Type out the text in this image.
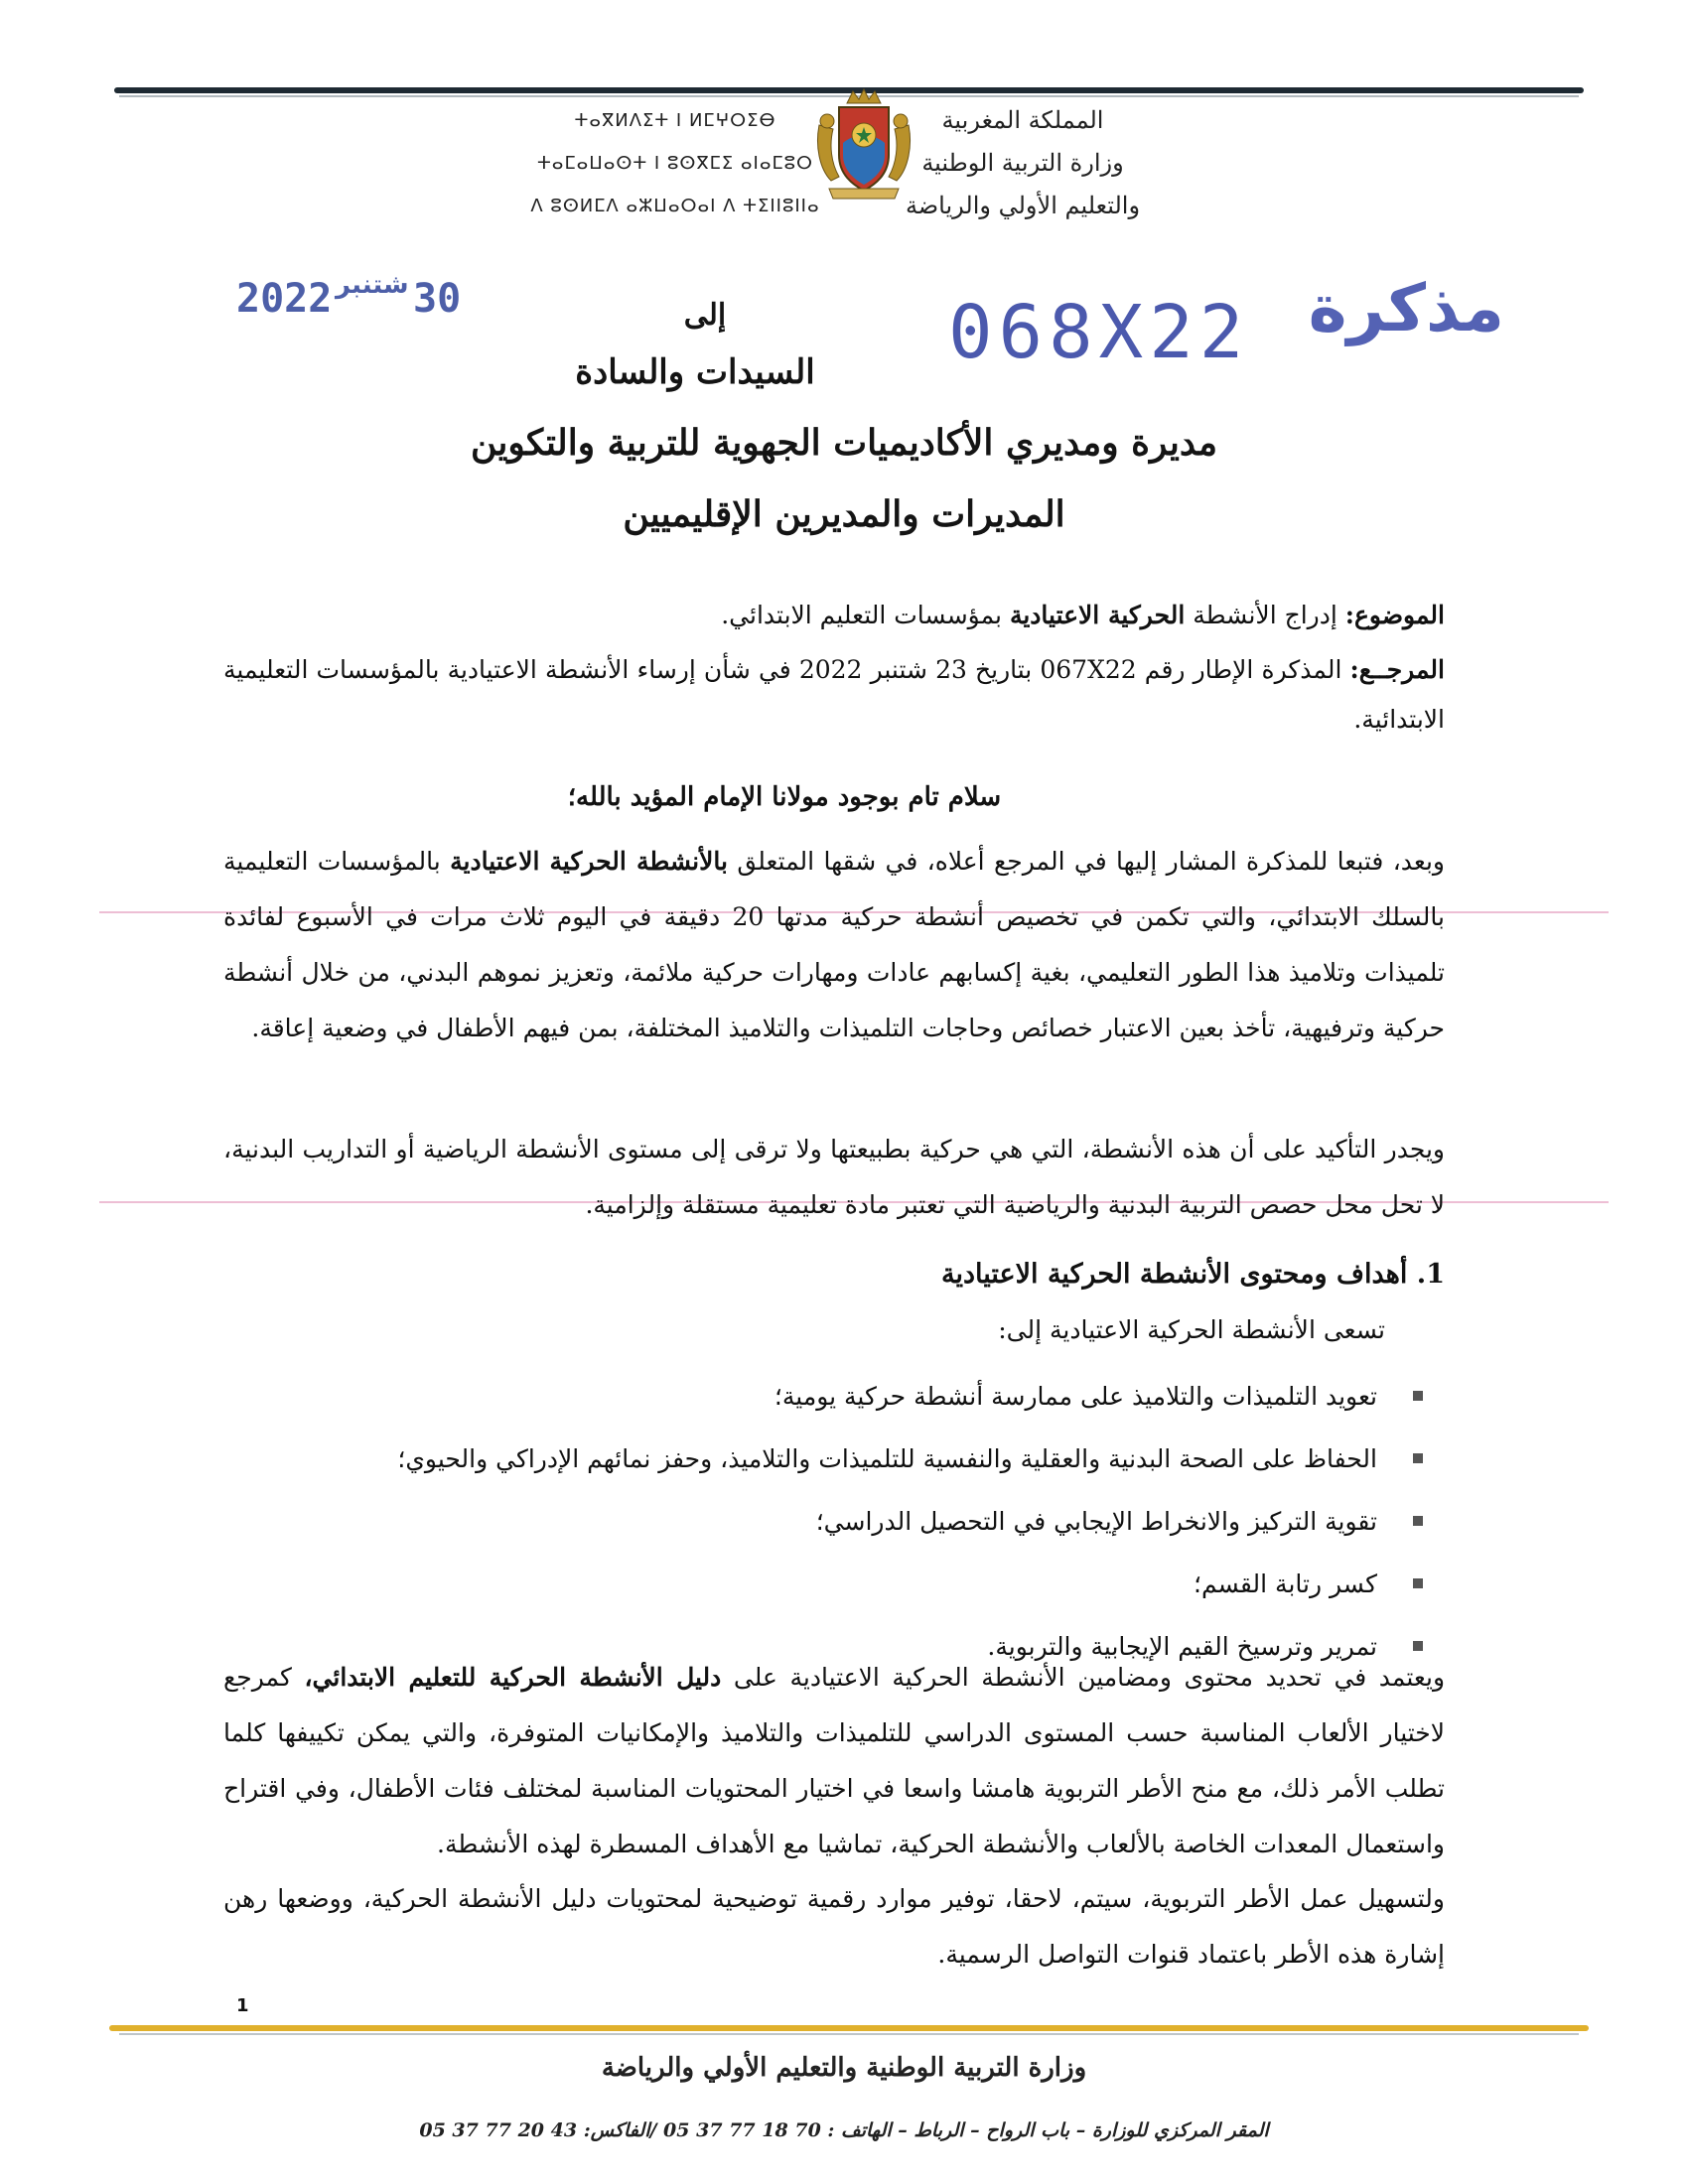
المملكة المغربية
وزارة التربية الوطنية
والتعليم الأولي والرياضة
ⵜⴰⴳⵍⴷⵉⵜ ⵏ ⵍⵎⵖⵔⵉⴱ
ⵜⴰⵎⴰⵡⴰⵙⵜ ⵏ ⵓⵙⴳⵎⵉ ⴰⵏⴰⵎⵓⵔ
ⴷ ⵓⵙⵍⵎⴷ ⴰⵣⵡⴰⵔⴰⵏ ⴷ ⵜⵉⵏⵏⵓⵏⵏⴰ
2022 شتنبر 30	068X22 مذكرة
إلى
السيدات والسادة
مديرة ومديري الأكاديميات الجهوية للتربية والتكوين
المديرات والمديرين الإقليميين
الموضوع: إدراج الأنشطة الحركية الاعتيادية بمؤسسات التعليم الابتدائي.
المرجــع: المذكرة الإطار رقم 067X22 بتاريخ 23 شتنبر 2022 في شأن إرساء الأنشطة الاعتيادية بالمؤسسات التعليمية الابتدائية.
سلام تام بوجود مولانا الإمام المؤيد بالله؛
وبعد، فتبعا للمذكرة المشار إليها في المرجع أعلاه، في شقها المتعلق بالأنشطة الحركية الاعتيادية بالمؤسسات التعليمية بالسلك الابتدائي، والتي تكمن في تخصيص أنشطة حركية مدتها 20 دقيقة في اليوم ثلاث مرات في الأسبوع لفائدة تلميذات وتلاميذ هذا الطور التعليمي، بغية إكسابهم عادات ومهارات حركية ملائمة، وتعزيز نموهم البدني، من خلال أنشطة حركية وترفيهية، تأخذ بعين الاعتبار خصائص وحاجات التلميذات والتلاميذ المختلفة، بمن فيهم الأطفال في وضعية إعاقة.
ويجدر التأكيد على أن هذه الأنشطة، التي هي حركية بطبيعتها ولا ترقى إلى مستوى الأنشطة الرياضية أو التداريب البدنية، لا تحل محل حصص التربية البدنية والرياضية التي تعتبر مادة تعليمية مستقلة وإلزامية.
1. أهداف ومحتوى الأنشطة الحركية الاعتيادية
تسعى الأنشطة الحركية الاعتيادية إلى:
تعويد التلميذات والتلاميذ على ممارسة أنشطة حركية يومية؛
الحفاظ على الصحة البدنية والعقلية والنفسية للتلميذات والتلاميذ، وحفز نمائهم الإدراكي والحيوي؛
تقوية التركيز والانخراط الإيجابي في التحصيل الدراسي؛
كسر رتابة القسم؛
تمرير وترسيخ القيم الإيجابية والتربوية.
ويعتمد في تحديد محتوى ومضامين الأنشطة الحركية الاعتيادية على دليل الأنشطة الحركية للتعليم الابتدائي، كمرجع لاختيار الألعاب المناسبة حسب المستوى الدراسي للتلميذات والتلاميذ والإمكانيات المتوفرة، والتي يمكن تكييفها كلما تطلب الأمر ذلك، مع منح الأطر التربوية هامشا واسعا في اختيار المحتويات المناسبة لمختلف فئات الأطفال، وفي اقتراح واستعمال المعدات الخاصة بالألعاب والأنشطة الحركية، تماشيا مع الأهداف المسطرة لهذه الأنشطة.
ولتسهيل عمل الأطر التربوية، سيتم، لاحقا، توفير موارد رقمية توضيحية لمحتويات دليل الأنشطة الحركية، ووضعها رهن إشارة هذه الأطر باعتماد قنوات التواصل الرسمية.
1
وزارة التربية الوطنية والتعليم الأولي والرياضة
المقر المركزي للوزارة – باب الرواح – الرباط – الهاتف : 70 18 77 37 05 /الفاكس: 43 20 77 37 05
